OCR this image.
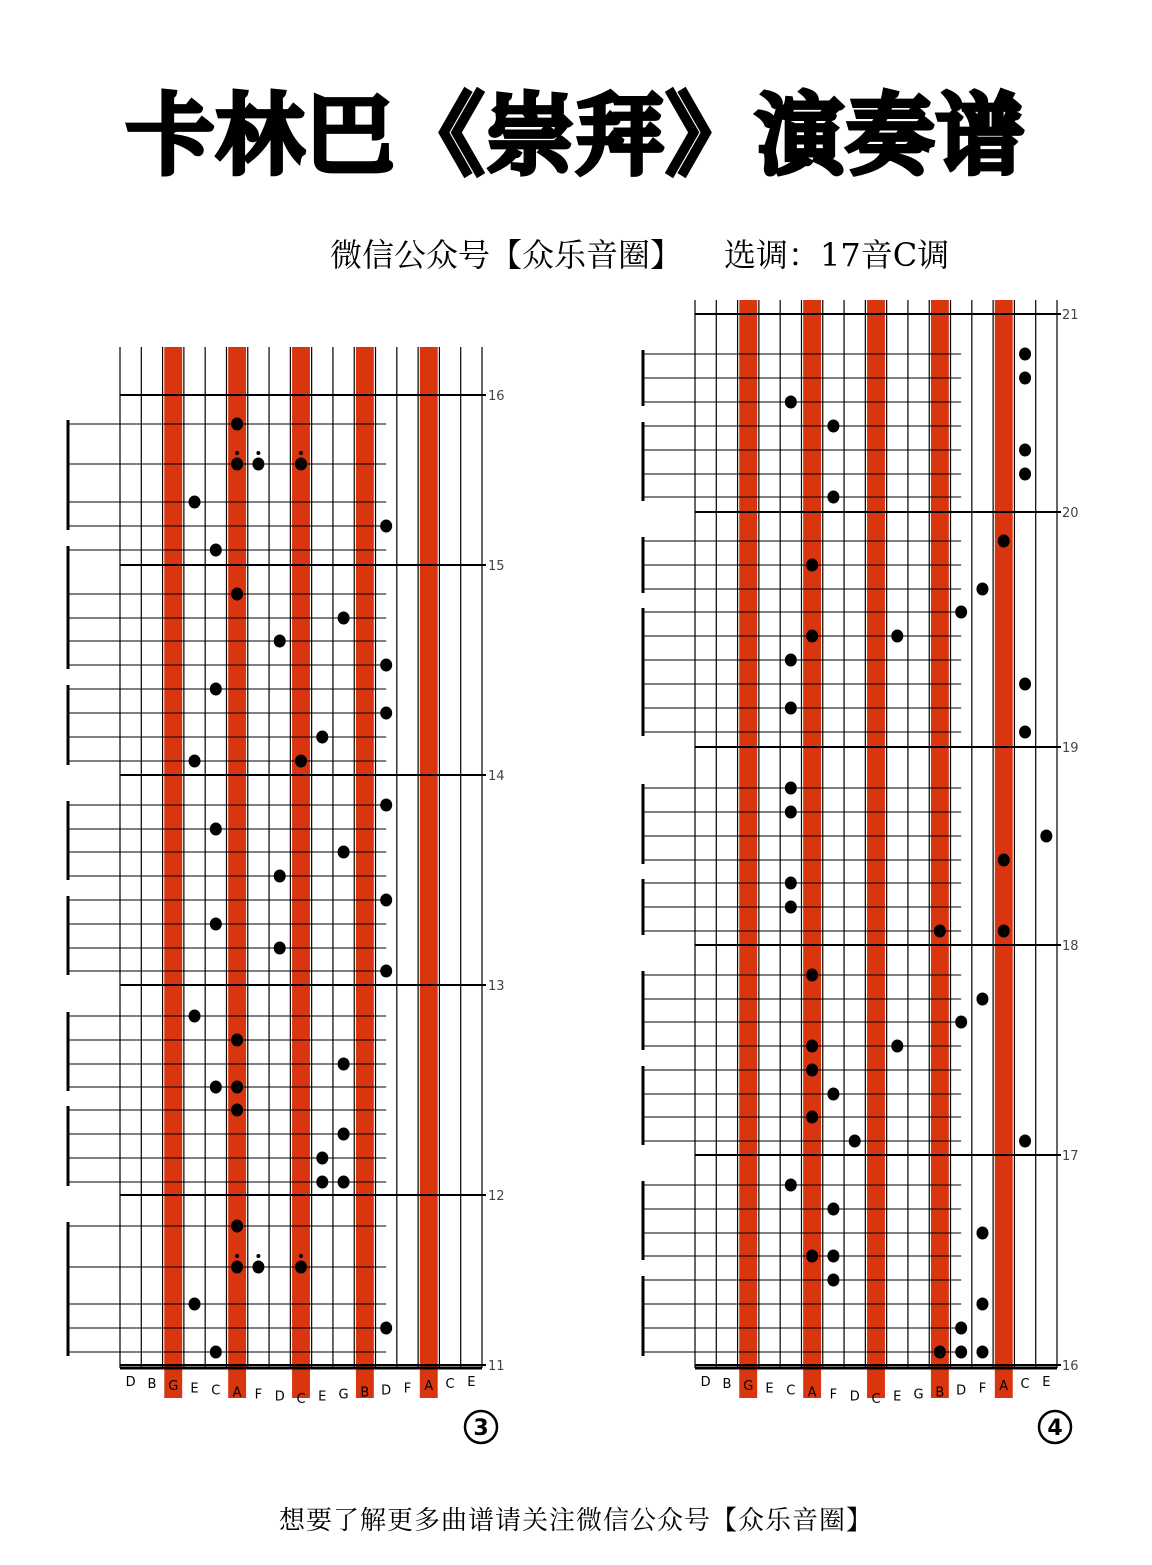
卡林巴《崇拜》演奏谱
微信公众号【众乐音圈】 选调：17音C调
16
15
14
13
12
11
D B G E C A F D C E G B D F A C E
3
21
20
19
18
17
16
D B G E C A F D C E G B D F A C E
4
想要了解更多曲谱请关注微信公众号【众乐音圈】
